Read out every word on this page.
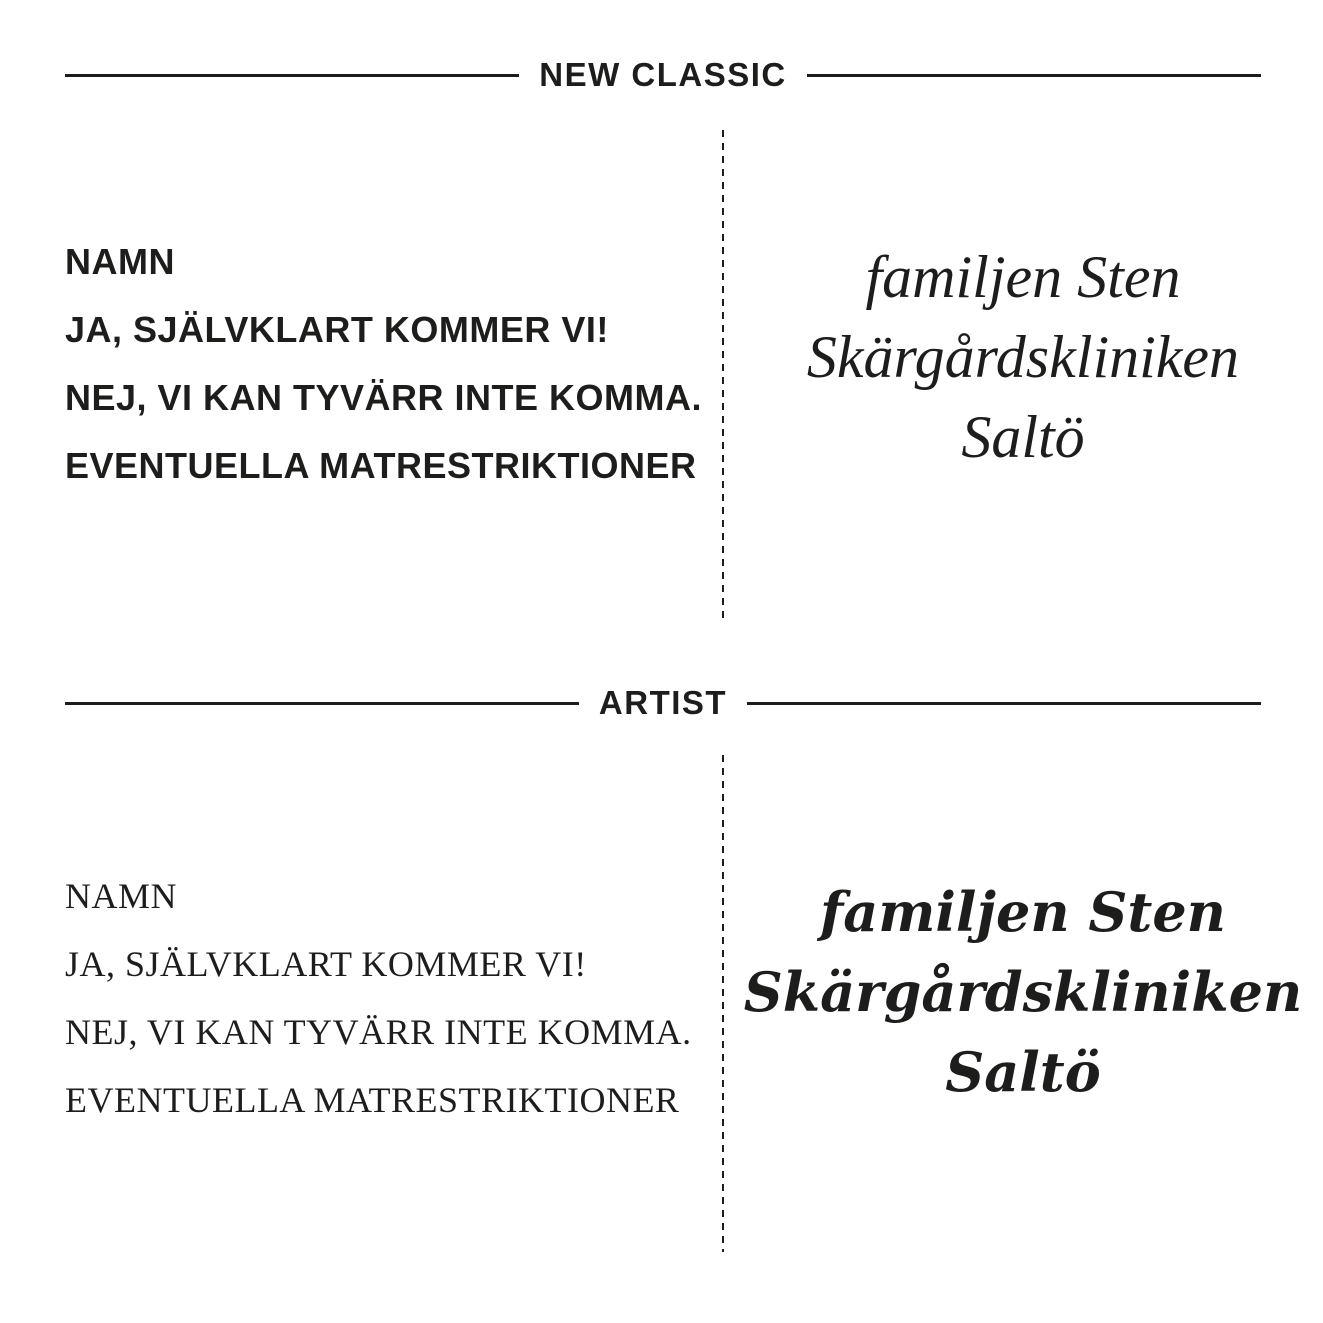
NEW CLASSIC

NAMN

JA, SJÄLVKLART KOMMER VI!

NEJ, VI KAN TYVÄRR INTE KOMMA.

EVENTUELLA MATRESTRIKTIONER

familjen Sten

Skärgårdskliniken

Saltö

ARTIST

NAMN

JA, SJÄLVKLART KOMMER VI!

NEJ, VI KAN TYVÄRR INTE KOMMA.

EVENTUELLA MATRESTRIKTIONER

familjen Sten

Skärgårdskliniken

Saltö
